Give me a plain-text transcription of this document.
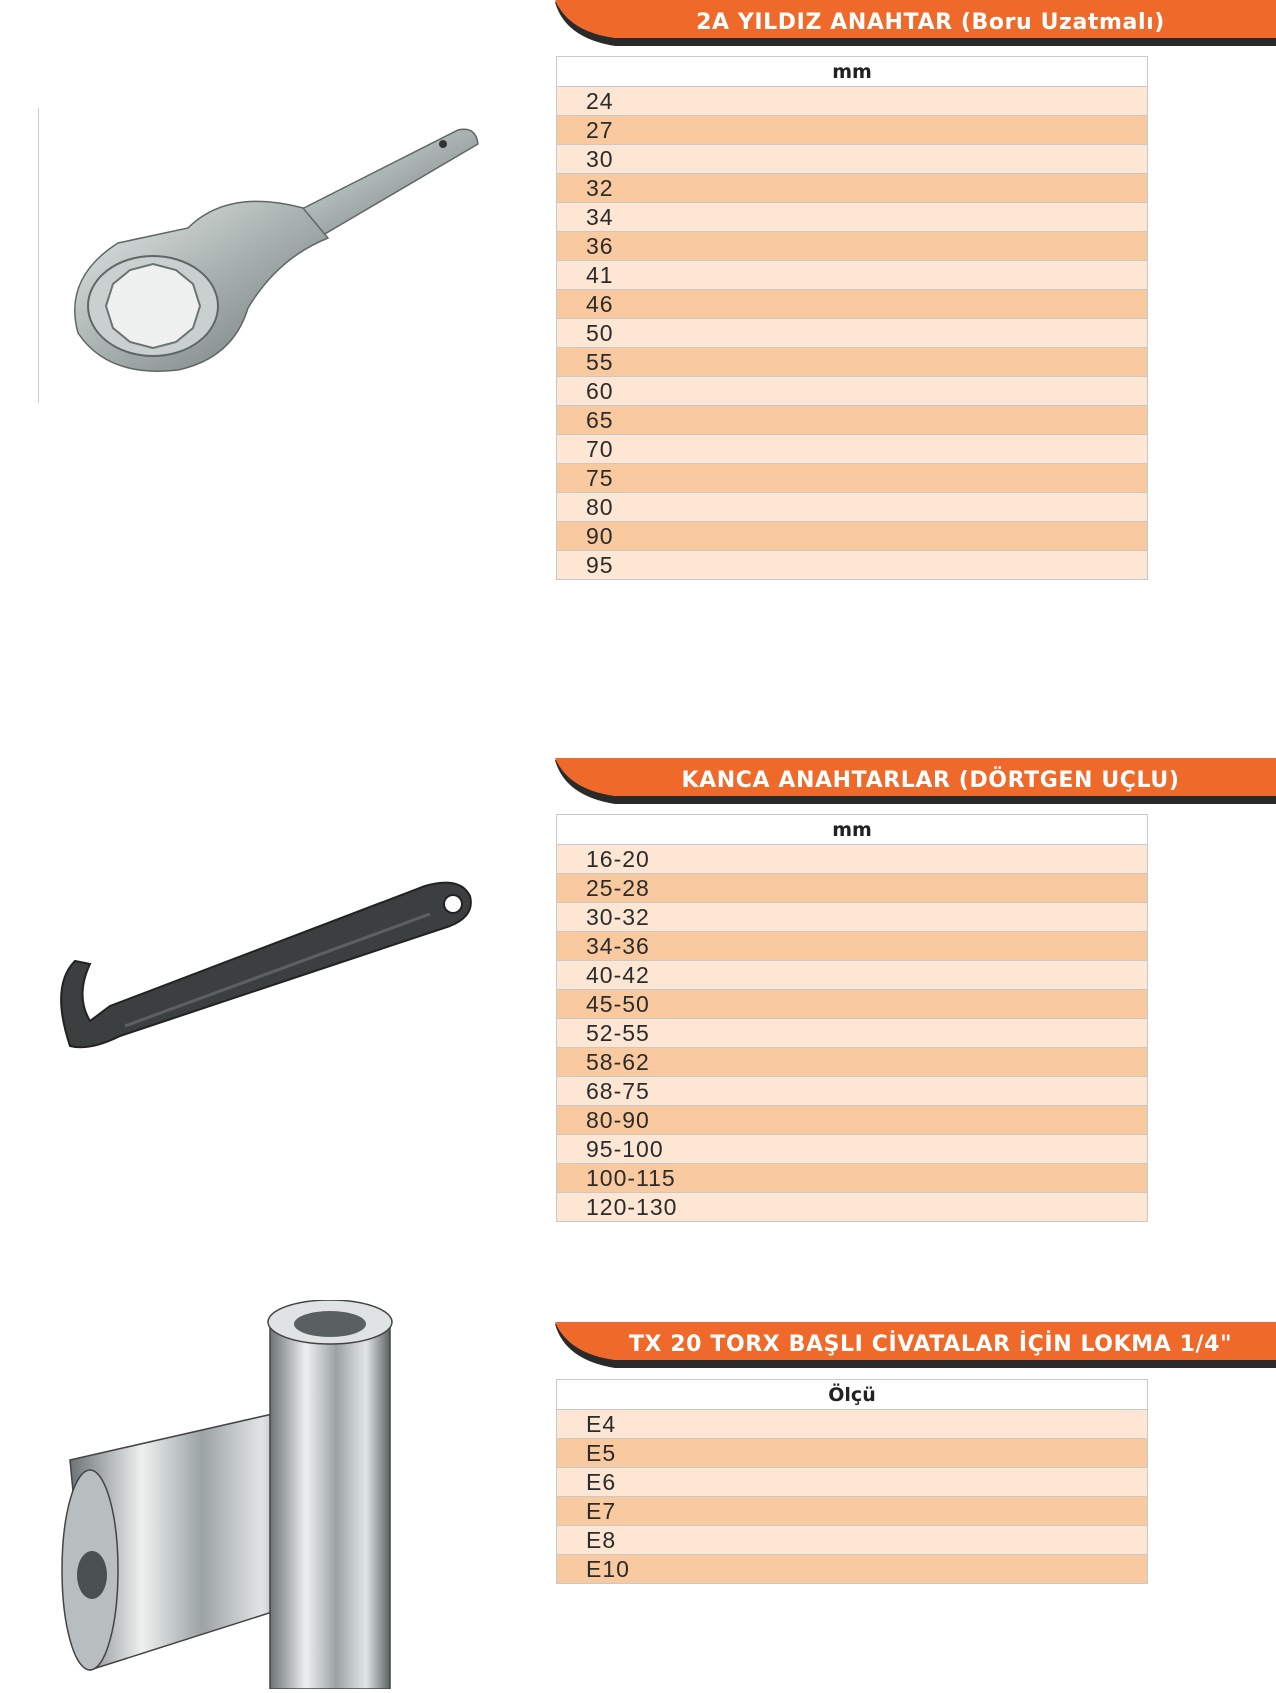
2A YILDIZ ANAHTAR (Boru Uzatmalı)
mm
24
27
30
32
34
36
41
46
50
55
60
65
70
75
80
90
95
KANCA ANAHTARLAR (DÖRTGEN UÇLU)
mm
16-20
25-28
30-32
34-36
40-42
45-50
52-55
58-62
68-75
80-90
95-100
100-115
120-130
TX 20 TORX BAŞLI CİVATALAR İÇİN LOKMA 1/4"
Ölçü
E4
E5
E6
E7
E8
E10
